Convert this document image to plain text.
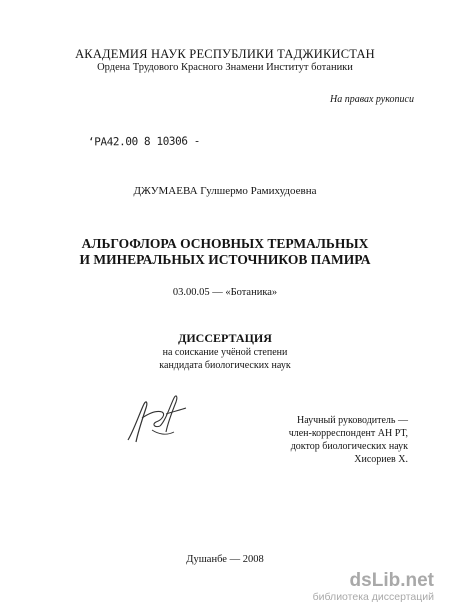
АКАДЕМИЯ НАУК РЕСПУБЛИКИ ТАДЖИКИСТАН
Ордена Трудового Красного Знамени Институт ботаники
На правах рукописи
‘РА42.00 8 10306 -
ДЖУМАЕВА Гулшермо Рамихудоевна
АЛЬГОФЛОРА ОСНОВНЫХ ТЕРМАЛЬНЫХ
И МИНЕРАЛЬНЫХ ИСТОЧНИКОВ ПАМИРА
03.00.05 — «Ботаника»
ДИССЕРТАЦИЯ
на соискание учёной степени
кандидата биологических наук
Научный руководитель —
член-корреспондент АН РТ,
доктор биологических наук
Хисориев Х.
Душанбе — 2008
dsLib.net
библиотека диссертаций
